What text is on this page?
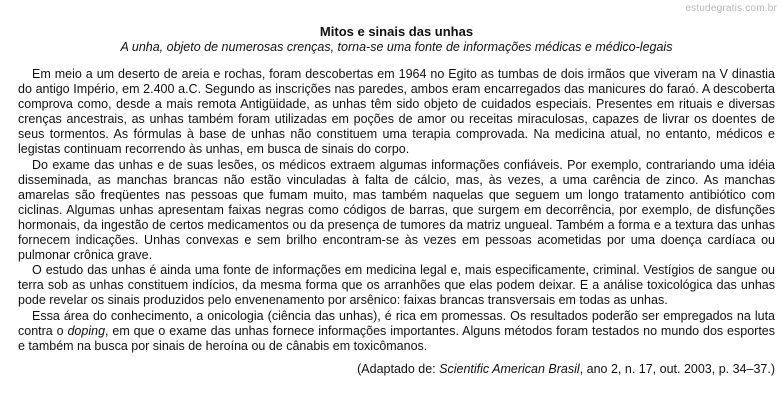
estudegratis.com.br

Mitos e sinais das unhas

A unha, objeto de numerosas crenças, torna-se uma fonte de informações médicas e médico-legais

Em meio a um deserto de areia e rochas, foram descobertas em 1964 no Egito as tumbas de dois irmãos que viveram na V dinastia do antigo Império, em 2.400 a.C. Segundo as inscrições nas paredes, ambos eram encarregados das manicures do faraó. A descoberta comprova como, desde a mais remota Antigüidade, as unhas têm sido objeto de cuidados especiais. Presentes em rituais e diversas crenças ancestrais, as unhas também foram utilizadas em poções de amor ou receitas miraculosas, capazes de livrar os doentes de seus tormentos. As fórmulas à base de unhas não constituem uma terapia comprovada. Na medicina atual, no entanto, médicos e legistas continuam recorrendo às unhas, em busca de sinais do corpo.

Do exame das unhas e de suas lesões, os médicos extraem algumas informações confiáveis. Por exemplo, contrariando uma idéia disseminada, as manchas brancas não estão vinculadas à falta de cálcio, mas, às vezes, a uma carência de zinco. As manchas amarelas são freqüentes nas pessoas que fumam muito, mas também naquelas que seguem um longo tratamento antibiótico com ciclinas. Algumas unhas apresentam faixas negras como códigos de barras, que surgem em decorrência, por exemplo, de disfunções hormonais, da ingestão de certos medicamentos ou da presença de tumores da matriz ungueal. Também a forma e a textura das unhas fornecem indicações. Unhas convexas e sem brilho encontram-se às vezes em pessoas acometidas por uma doença cardíaca ou pulmonar crônica grave.

O estudo das unhas é ainda uma fonte de informações em medicina legal e, mais especificamente, criminal. Vestígios de sangue ou terra sob as unhas constituem indícios, da mesma forma que os arranhões que elas podem deixar. E a análise toxicológica das unhas pode revelar os sinais produzidos pelo envenenamento por arsênico: faixas brancas transversais em todas as unhas.

Essa área do conhecimento, a onicologia (ciência das unhas), é rica em promessas. Os resultados poderão ser empregados na luta contra o doping, em que o exame das unhas fornece informações importantes. Alguns métodos foram testados no mundo dos esportes e também na busca por sinais de heroína ou de cânabis em toxicômanos.

(Adaptado de: Scientific American Brasil, ano 2, n. 17, out. 2003, p. 34–37.)
